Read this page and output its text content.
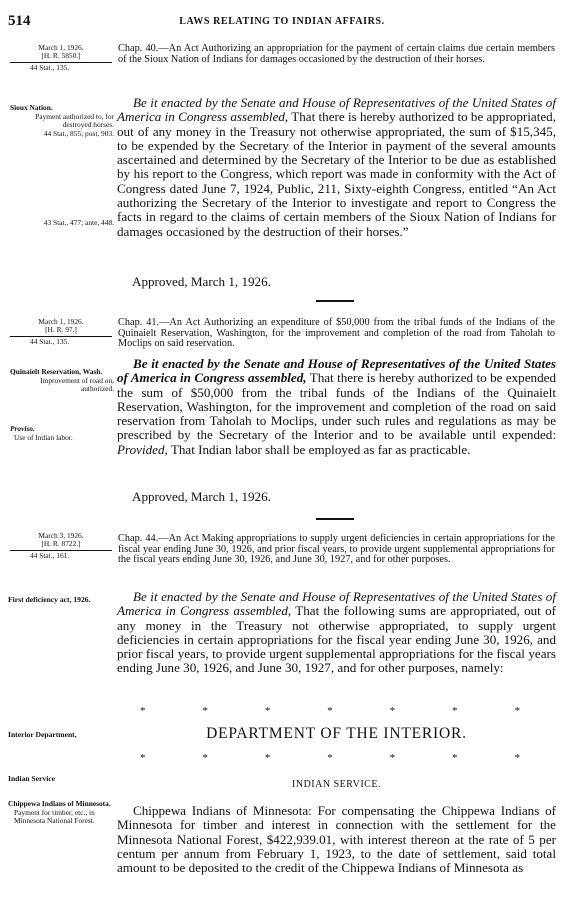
514	LAWS RELATING TO INDIAN AFFAIRS.
March 1, 1926.
[H. R. 5850.]
44 Stat., 135.
Chap. 40.—An Act Authorizing an appropriation for the payment of certain claims due certain members of the Sioux Nation of Indians for damages occasioned by the destruction of their horses.
Sioux Nation.
Payment authorized to, for destroyed horses.
44 Stat., 855; post, 903.
43 Stat., 477; ante, 448.
Be it enacted by the Senate and House of Representatives of the United States of America in Congress assembled, That there is hereby authorized to be appropriated, out of any money in the Treasury not otherwise appropriated, the sum of $15,345, to be expended by the Secretary of the Interior in payment of the several amounts ascertained and determined by the Secretary of the Interior to be due as established by his report to the Congress, which report was made in conformity with the Act of Congress dated June 7, 1924, Public, 211, Sixty-eighth Congress, entitled “An Act authorizing the Secretary of the Interior to investigate and report to Congress the facts in regard to the claims of certain members of the Sioux Nation of Indians for damages occasioned by the destruction of their horses.”
Approved, March 1, 1926.
March 1, 1926.
[H. R. 97.]
44 Stat., 135.
Chap. 41.—An Act Authorizing an expenditure of $50,000 from the tribal funds of the Indians of the Quinaielt Reservation, Washington, for the improvement and completion of the road from Taholah to Moclips on said reservation.
Quinaielt Reservation, Wash.
Improvement of road on, authorized.
Proviso.
Use of Indian labor.
Be it enacted by the Senate and House of Representatives of the United States of America in Congress assembled, That there is hereby authorized to be expended the sum of $50,000 from the tribal funds of the Indians of the Quinaielt Reservation, Washington, for the improvement and completion of the road on said reservation from Taholah to Moclips, under such rules and regulations as may be prescribed by the Secretary of the Interior and to be available until expended: Provided, That Indian labor shall be employed as far as practicable.
Approved, March 1, 1926.
March 3, 1926.
[H. R. 8722.]
44 Stat., 161.
Chap. 44.—An Act Making appropriations to supply urgent deficiencies in certain appropriations for the fiscal year ending June 30, 1926, and prior fiscal years, to provide urgent supplemental appropriations for the fiscal years ending June 30, 1926, and June 30, 1927, and for other purposes.
First deficiency act, 1926.	Be it enacted by the Senate and House of Representatives of the United States of America in Congress assembled, That the following sums are appropriated, out of any money in the Treasury not otherwise appropriated, to supply urgent deficiencies in certain appropriations for the fiscal year ending June 30, 1926, and prior fiscal years, to provide urgent supplemental appropriations for the fiscal years ending June 30, 1926, and June 30, 1927, and for other purposes, namely:
*	*	*	*	*	*	*
Interior Department,	DEPARTMENT OF THE INTERIOR.
*	*	*	*	*	*	*
Indian Service
INDIAN SERVICE.
Chippewa Indians of Minnesota.
Payment for timber, etc., in Minnesota National Forest.
Chippewa Indians of Minnesota: For compensating the Chippewa Indians of Minnesota for timber and interest in connection with the settlement for the Minnesota National Forest, $422,939.01, with interest thereon at the rate of 5 per centum per annum from February 1, 1923, to the date of settlement, said total amount to be deposited to the credit of the Chippewa Indians of Minnesota as
